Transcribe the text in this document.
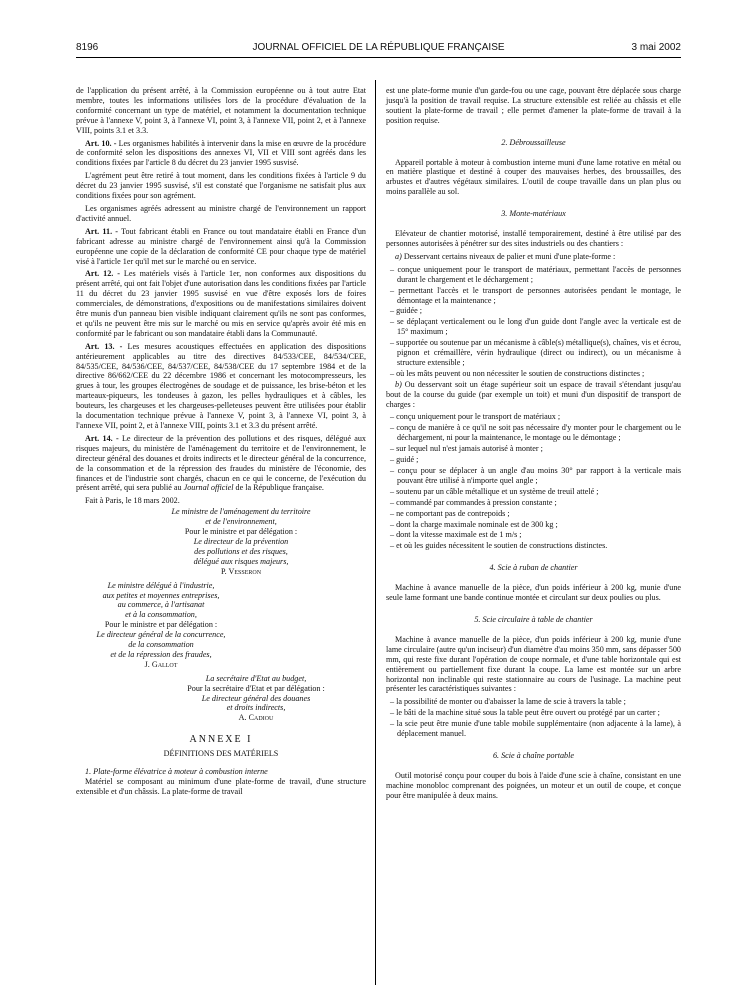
8196	JOURNAL OFFICIEL DE LA RÉPUBLIQUE FRANÇAISE	3 mai 2002

de l'application du présent arrêté, à la Commission européenne ou à tout autre Etat membre, toutes les informations utilisées lors de la procédure d'évaluation de la conformité concernant un type de matériel, et notamment la documentation technique prévue à l'annexe V, point 3, à l'annexe VI, point 3, à l'annexe VII, point 2, et à l'annexe VIII, points 3.1 et 3.3.

Art. 10. - Les organismes habilités à intervenir dans la mise en œuvre de la procédure de conformité selon les dispositions des annexes VI, VII et VIII sont agréés dans les conditions fixées par l'article 8 du décret du 23 janvier 1995 susvisé.

L'agrément peut être retiré à tout moment, dans les conditions fixées à l'article 9 du décret du 23 janvier 1995 susvisé, s'il est constaté que l'organisme ne satisfait plus aux conditions fixées pour son agrément.

Les organismes agréés adressent au ministre chargé de l'environnement un rapport d'activité annuel.

Art. 11. - Tout fabricant établi en France ou tout mandataire établi en France d'un fabricant adresse au ministre chargé de l'environnement ainsi qu'à la Commission européenne une copie de la déclaration de conformité CE pour chaque type de matériel visé à l'article 1er qu'il met sur le marché ou en service.

Art. 12. - Les matériels visés à l'article 1er, non conformes aux dispositions du présent arrêté, qui ont fait l'objet d'une autorisation dans les conditions fixées par l'article 11 du décret du 23 janvier 1995 susvisé en vue d'être exposés lors de foires commerciales, de démonstrations, d'expositions ou de manifestations similaires doivent être munis d'un panneau bien visible indiquant clairement qu'ils ne sont pas conformes, et qu'ils ne peuvent être mis sur le marché ou mis en service qu'après avoir été mis en conformité par le fabricant ou son mandataire établi dans la Communauté.

Art. 13. - Les mesures acoustiques effectuées en application des dispositions antérieurement applicables au titre des directives 84/533/CEE, 84/534/CEE, 84/535/CEE, 84/536/CEE, 84/537/CEE, 84/538/CEE du 17 septembre 1984 et de la directive 86/662/CEE du 22 décembre 1986 et concernant les motocompresseurs, les grues à tour, les groupes électrogènes de soudage et de puissance, les brise-béton et les marteaux-piqueurs, les tondeuses à gazon, les pelles hydrauliques et à câbles, les bouteurs, les chargeuses et les chargeuses-pelleteuses peuvent être utilisées pour établir la documentation technique prévue à l'annexe V, point 3, à l'annexe VI, point 3, à l'annexe VII, point 2, et à l'annexe VIII, points 3.1 et 3.3 du présent arrêté.

Art. 14. - Le directeur de la prévention des pollutions et des risques, délégué aux risques majeurs, du ministère de l'aménagement du territoire et de l'environnement, le directeur général des douanes et droits indirects et le directeur général de la concurrence, de la consommation et de la répression des fraudes du ministère de l'économie, des finances et de l'industrie sont chargés, chacun en ce qui le concerne, de l'exécution du présent arrêté, qui sera publié au Journal officiel de la République française.

Fait à Paris, le 18 mars 2002.

Le ministre de l'aménagement du territoire
et de l'environnement,
Pour le ministre et par délégation :
Le directeur de la prévention
des pollutions et des risques,
délégué aux risques majeurs,
P. Vesseron
Le ministre délégué à l'industrie,
aux petites et moyennes entreprises,
au commerce, à l'artisanat
et à la consommation,
Pour le ministre et par délégation :
Le directeur général de la concurrence,
de la consommation
et de la répression des fraudes,
J. Gallot
La secrétaire d'Etat au budget,
Pour la secrétaire d'Etat et par délégation :
Le directeur général des douanes
et droits indirects,
A. Cadiou
ANNEXE I
DÉFINITIONS DES MATÉRIELS

1. Plate-forme élévatrice à moteur à combustion interne

Matériel se composant au minimum d'une plate-forme de travail, d'une structure extensible et d'un châssis. La plate-forme de travail

est une plate-forme munie d'un garde-fou ou une cage, pouvant être déplacée sous charge jusqu'à la position de travail requise. La structure extensible est reliée au châssis et elle soutient la plate-forme de travail ; elle permet d'amener la plate-forme de travail à la position requise.

2. Débroussailleuse

Appareil portable à moteur à combustion interne muni d'une lame rotative en métal ou en matière plastique et destiné à couper des mauvaises herbes, des broussailles, des arbustes et d'autres végétaux similaires. L'outil de coupe travaille dans un plan plus ou moins parallèle au sol.

3. Monte-matériaux

Elévateur de chantier motorisé, installé temporairement, destiné à être utilisé par des personnes autorisées à pénétrer sur des sites industriels ou des chantiers :

a) Desservant certains niveaux de palier et muni d'une plate-forme :

– conçue uniquement pour le transport de matériaux, permettant l'accès de personnes durant le chargement et le déchargement ;

– permettant l'accès et le transport de personnes autorisées pendant le montage, le démontage et la maintenance ;

– guidée ;

– se déplaçant verticalement ou le long d'un guide dont l'angle avec la verticale est de 15° maximum ;

– supportée ou soutenue par un mécanisme à câble(s) métallique(s), chaînes, vis et écrou, pignon et crémaillère, vérin hydraulique (direct ou indirect), ou un mécanisme à structure extensible ;

– où les mâts peuvent ou non nécessiter le soutien de constructions distinctes ;

b) Ou desservant soit un étage supérieur soit un espace de travail s'étendant jusqu'au bout de la course du guide (par exemple un toit) et muni d'un dispositif de transport de charges :

– conçu uniquement pour le transport de matériaux ;

– conçu de manière à ce qu'il ne soit pas nécessaire d'y monter pour le chargement ou le déchargement, ni pour la maintenance, le montage ou le démontage ;

– sur lequel nul n'est jamais autorisé à monter ;

– guidé ;

– conçu pour se déplacer à un angle d'au moins 30° par rapport à la verticale mais pouvant être utilisé à n'importe quel angle ;

– soutenu par un câble métallique et un système de treuil attelé ;

– commandé par commandes à pression constante ;

– ne comportant pas de contrepoids ;

– dont la charge maximale nominale est de 300 kg ;

– dont la vitesse maximale est de 1 m/s ;

– et où les guides nécessitent le soutien de constructions distinctes.

4. Scie à ruban de chantier

Machine à avance manuelle de la pièce, d'un poids inférieur à 200 kg, munie d'une seule lame formant une bande continue montée et circulant sur deux poulies ou plus.

5. Scie circulaire à table de chantier

Machine à avance manuelle de la pièce, d'un poids inférieur à 200 kg, munie d'une lame circulaire (autre qu'un inciseur) d'un diamètre d'au moins 350 mm, sans dépasser 500 mm, qui reste fixe durant l'opération de coupe normale, et d'une table horizontale qui est entièrement ou partiellement fixe durant la coupe. La lame est montée sur un arbre horizontal non inclinable qui reste stationnaire au cours de l'usinage. La machine peut présenter les caractéristiques suivantes :

– la possibilité de monter ou d'abaisser la lame de scie à travers la table ;

– le bâti de la machine situé sous la table peut être ouvert ou protégé par un carter ;

– la scie peut être munie d'une table mobile supplémentaire (non adjacente à la lame), à déplacement manuel.

6. Scie à chaîne portable

Outil motorisé conçu pour couper du bois à l'aide d'une scie à chaîne, consistant en une machine monobloc comprenant des poignées, un moteur et un outil de coupe, et conçue pour être manipulée à deux mains.
